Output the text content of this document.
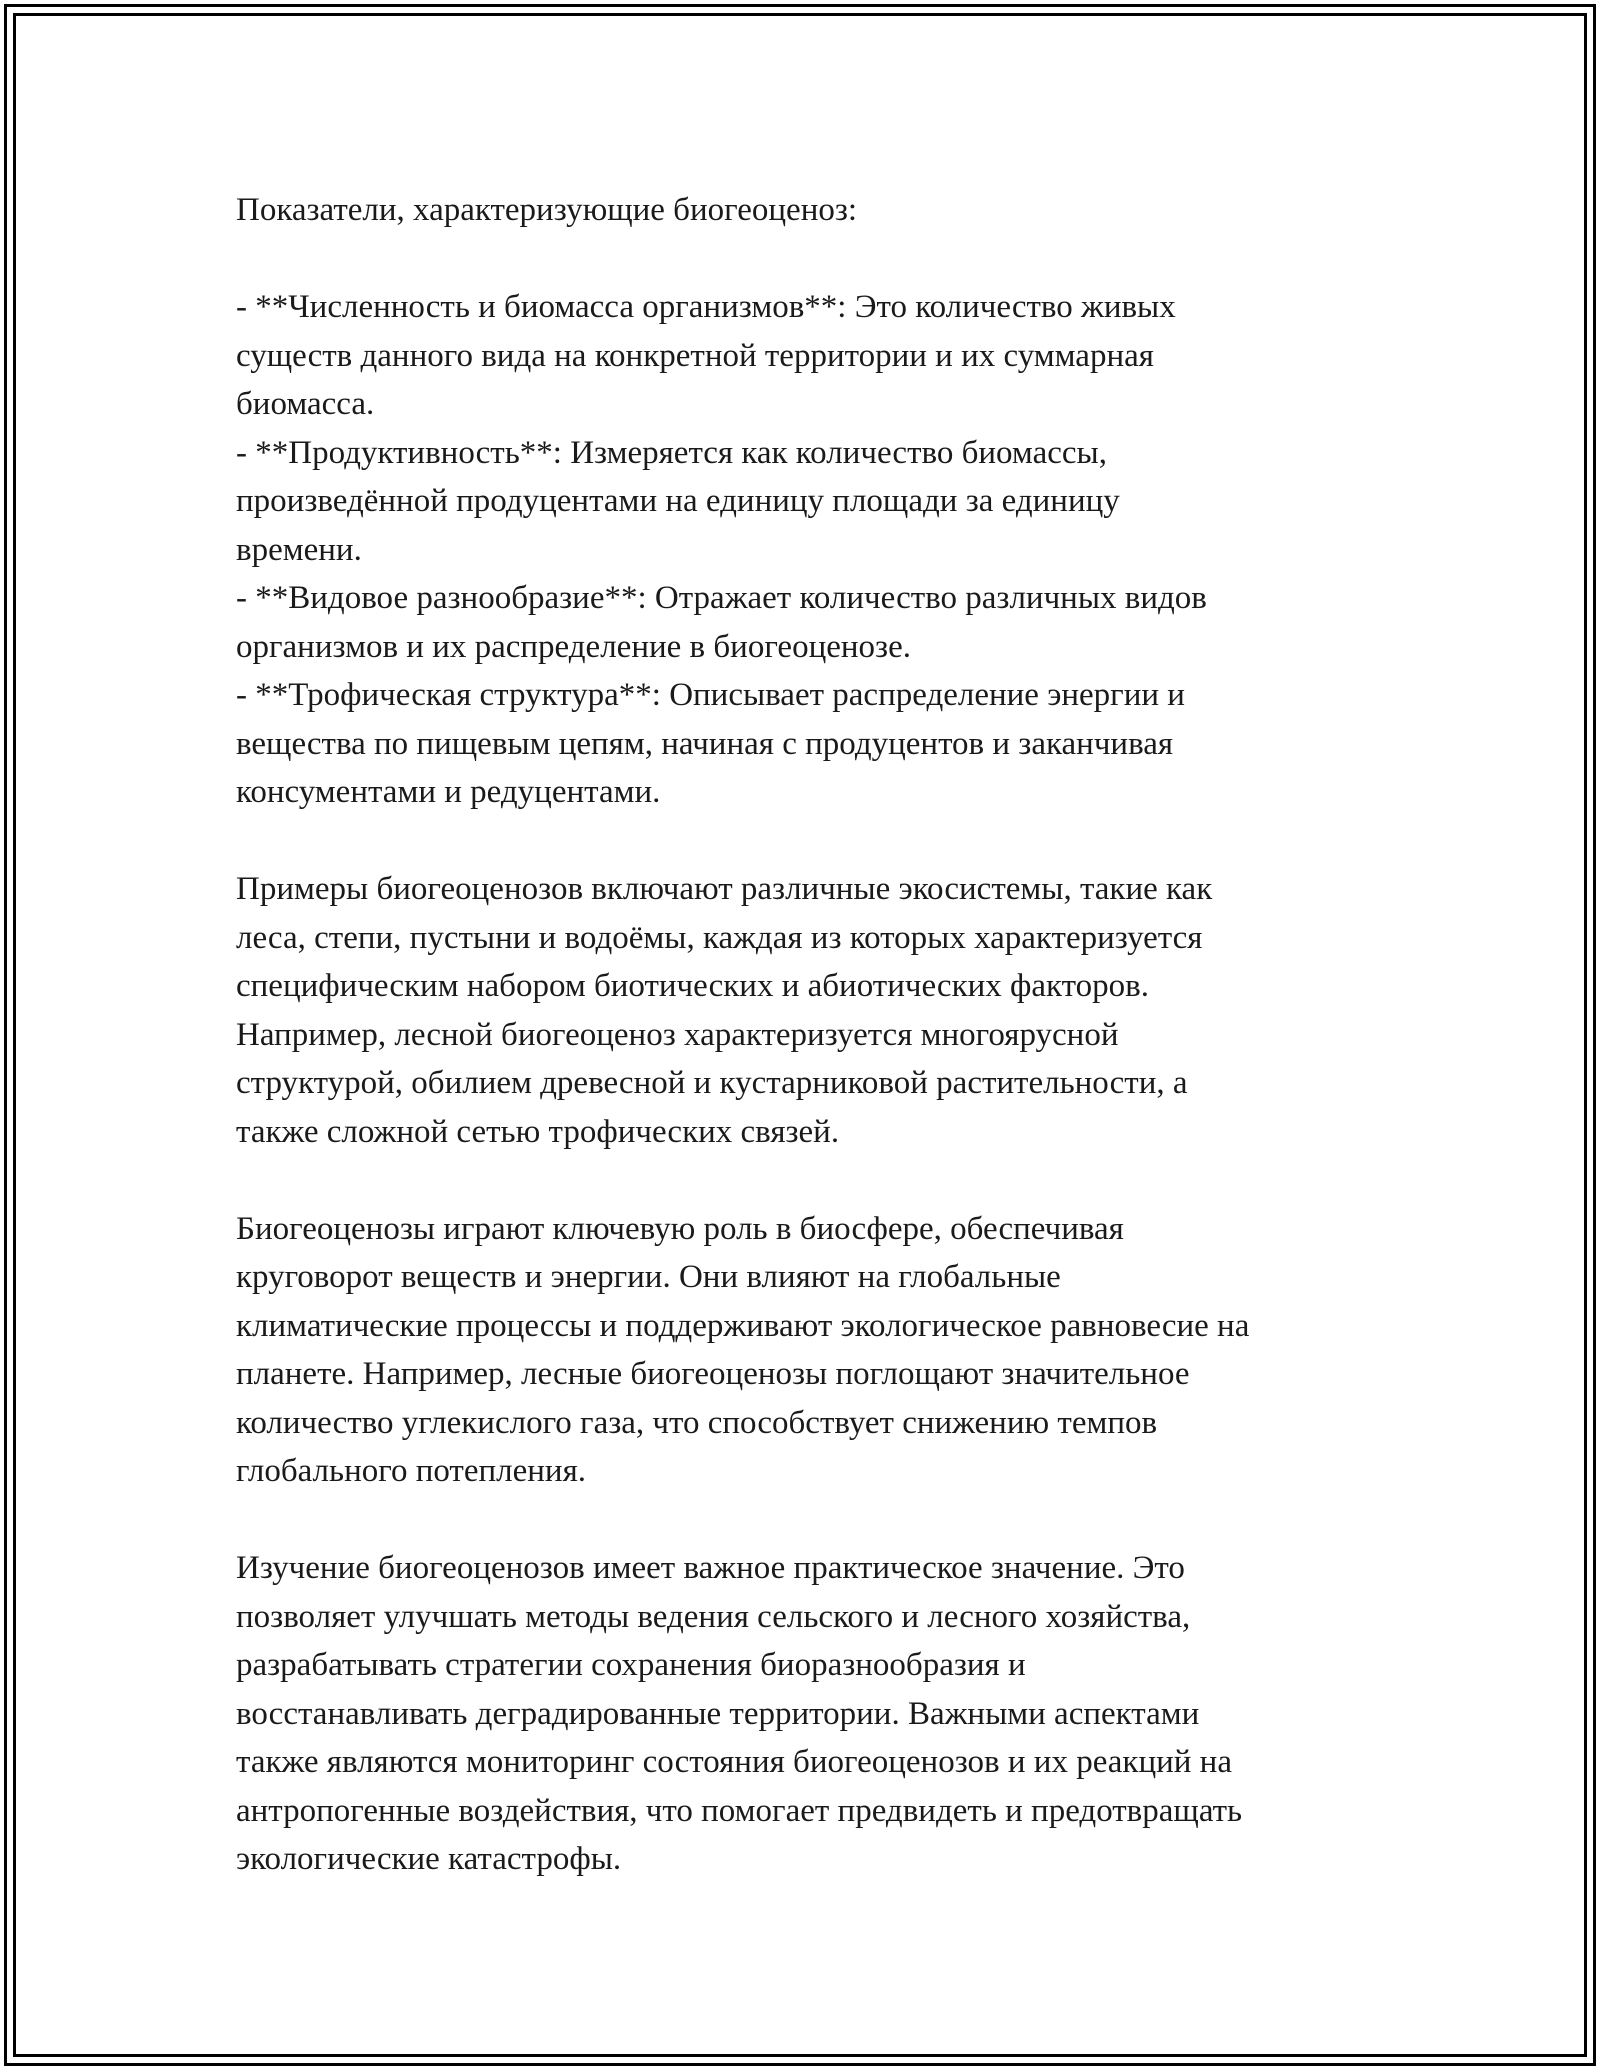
Показатели, характеризующие биогеоценоз:

- **Численность и биомасса организмов**: Это количество живых
существ данного вида на конкретной территории и их суммарная
биомасса.
- **Продуктивность**: Измеряется как количество биомассы,
произведённой продуцентами на единицу площади за единицу
времени.
- **Видовое разнообразие**: Отражает количество различных видов
организмов и их распределение в биогеоценозе.
- **Трофическая структура**: Описывает распределение энергии и
вещества по пищевым цепям, начиная с продуцентов и заканчивая
консументами и редуцентами.

Примеры биогеоценозов включают различные экосистемы, такие как
леса, степи, пустыни и водоёмы, каждая из которых характеризуется
специфическим набором биотических и абиотических факторов.
Например, лесной биогеоценоз характеризуется многоярусной
структурой, обилием древесной и кустарниковой растительности, а
также сложной сетью трофических связей.

Биогеоценозы играют ключевую роль в биосфере, обеспечивая
круговорот веществ и энергии. Они влияют на глобальные
климатические процессы и поддерживают экологическое равновесие на
планете. Например, лесные биогеоценозы поглощают значительное
количество углекислого газа, что способствует снижению темпов
глобального потепления.

Изучение биогеоценозов имеет важное практическое значение. Это
позволяет улучшать методы ведения сельского и лесного хозяйства,
разрабатывать стратегии сохранения биоразнообразия и
восстанавливать деградированные территории. Важными аспектами
также являются мониторинг состояния биогеоценозов и их реакций на
антропогенные воздействия, что помогает предвидеть и предотвращать
экологические катастрофы.
